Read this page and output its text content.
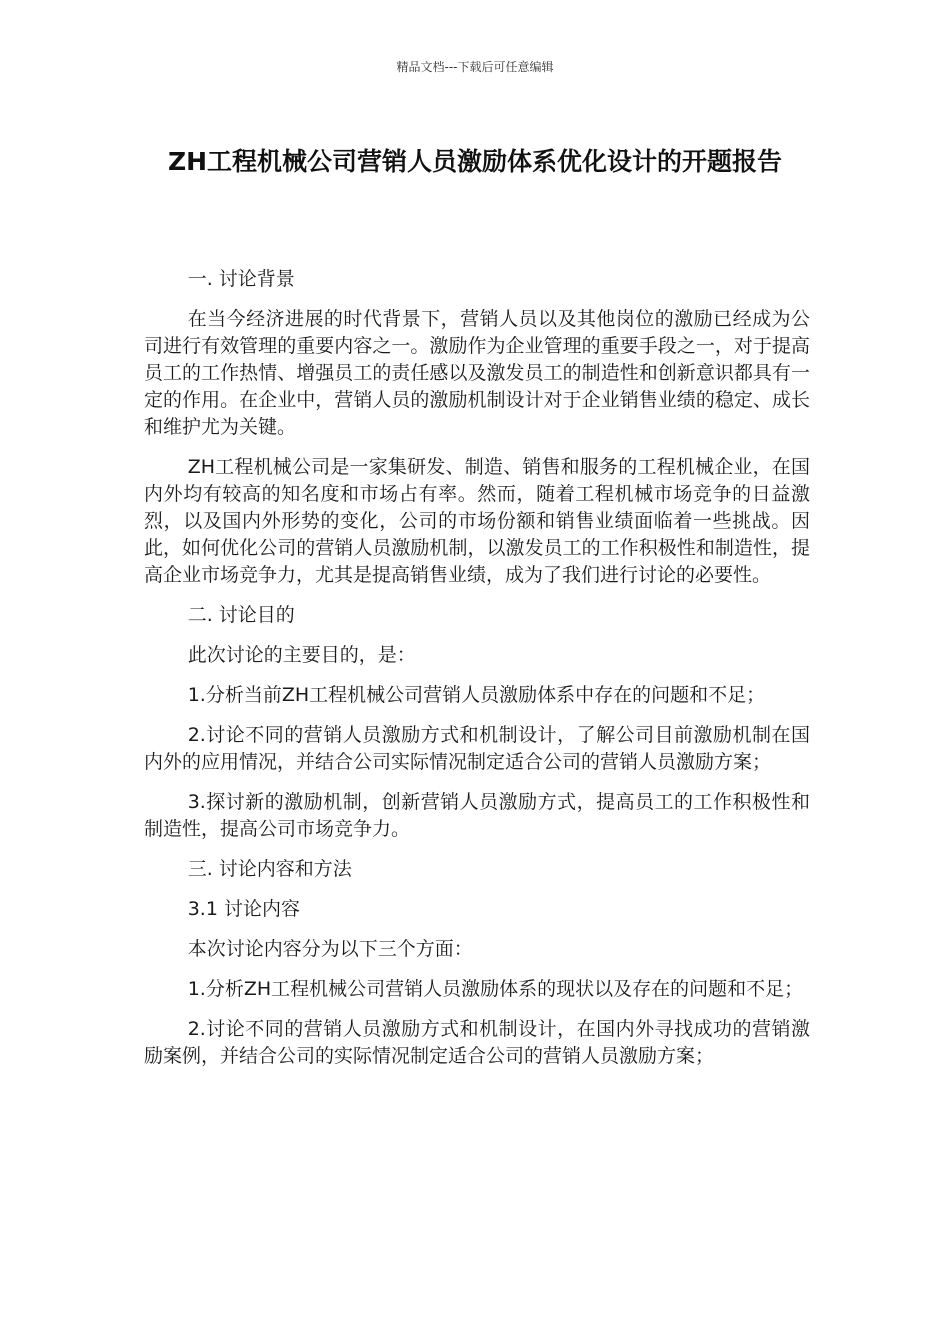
精品文档---下载后可任意编辑
ZH工程机械公司营销人员激励体系优化设计的开题报告

一. 讨论背景

在当今经济进展的时代背景下，营销人员以及其他岗位的激励已经成为公司进行有效管理的重要内容之一。激励作为企业管理的重要手段之一，对于提高员工的工作热情、增强员工的责任感以及激发员工的制造性和创新意识都具有一定的作用。在企业中，营销人员的激励机制设计对于企业销售业绩的稳定、成长和维护尤为关键。

ZH工程机械公司是一家集研发、制造、销售和服务的工程机械企业，在国内外均有较高的知名度和市场占有率。然而，随着工程机械市场竞争的日益激烈，以及国内外形势的变化，公司的市场份额和销售业绩面临着一些挑战。因此，如何优化公司的营销人员激励机制，以激发员工的工作积极性和制造性，提高企业市场竞争力，尤其是提高销售业绩，成为了我们进行讨论的必要性。

二. 讨论目的

此次讨论的主要目的，是：

1.分析当前ZH工程机械公司营销人员激励体系中存在的问题和不足；

2.讨论不同的营销人员激励方式和机制设计，了解公司目前激励机制在国内外的应用情况，并结合公司实际情况制定适合公司的营销人员激励方案；

3.探讨新的激励机制，创新营销人员激励方式，提高员工的工作积极性和制造性，提高公司市场竞争力。

三. 讨论内容和方法

3.1 讨论内容

本次讨论内容分为以下三个方面：

1.分析ZH工程机械公司营销人员激励体系的现状以及存在的问题和不足；

2.讨论不同的营销人员激励方式和机制设计，在国内外寻找成功的营销激励案例，并结合公司的实际情况制定适合公司的营销人员激励方案；
